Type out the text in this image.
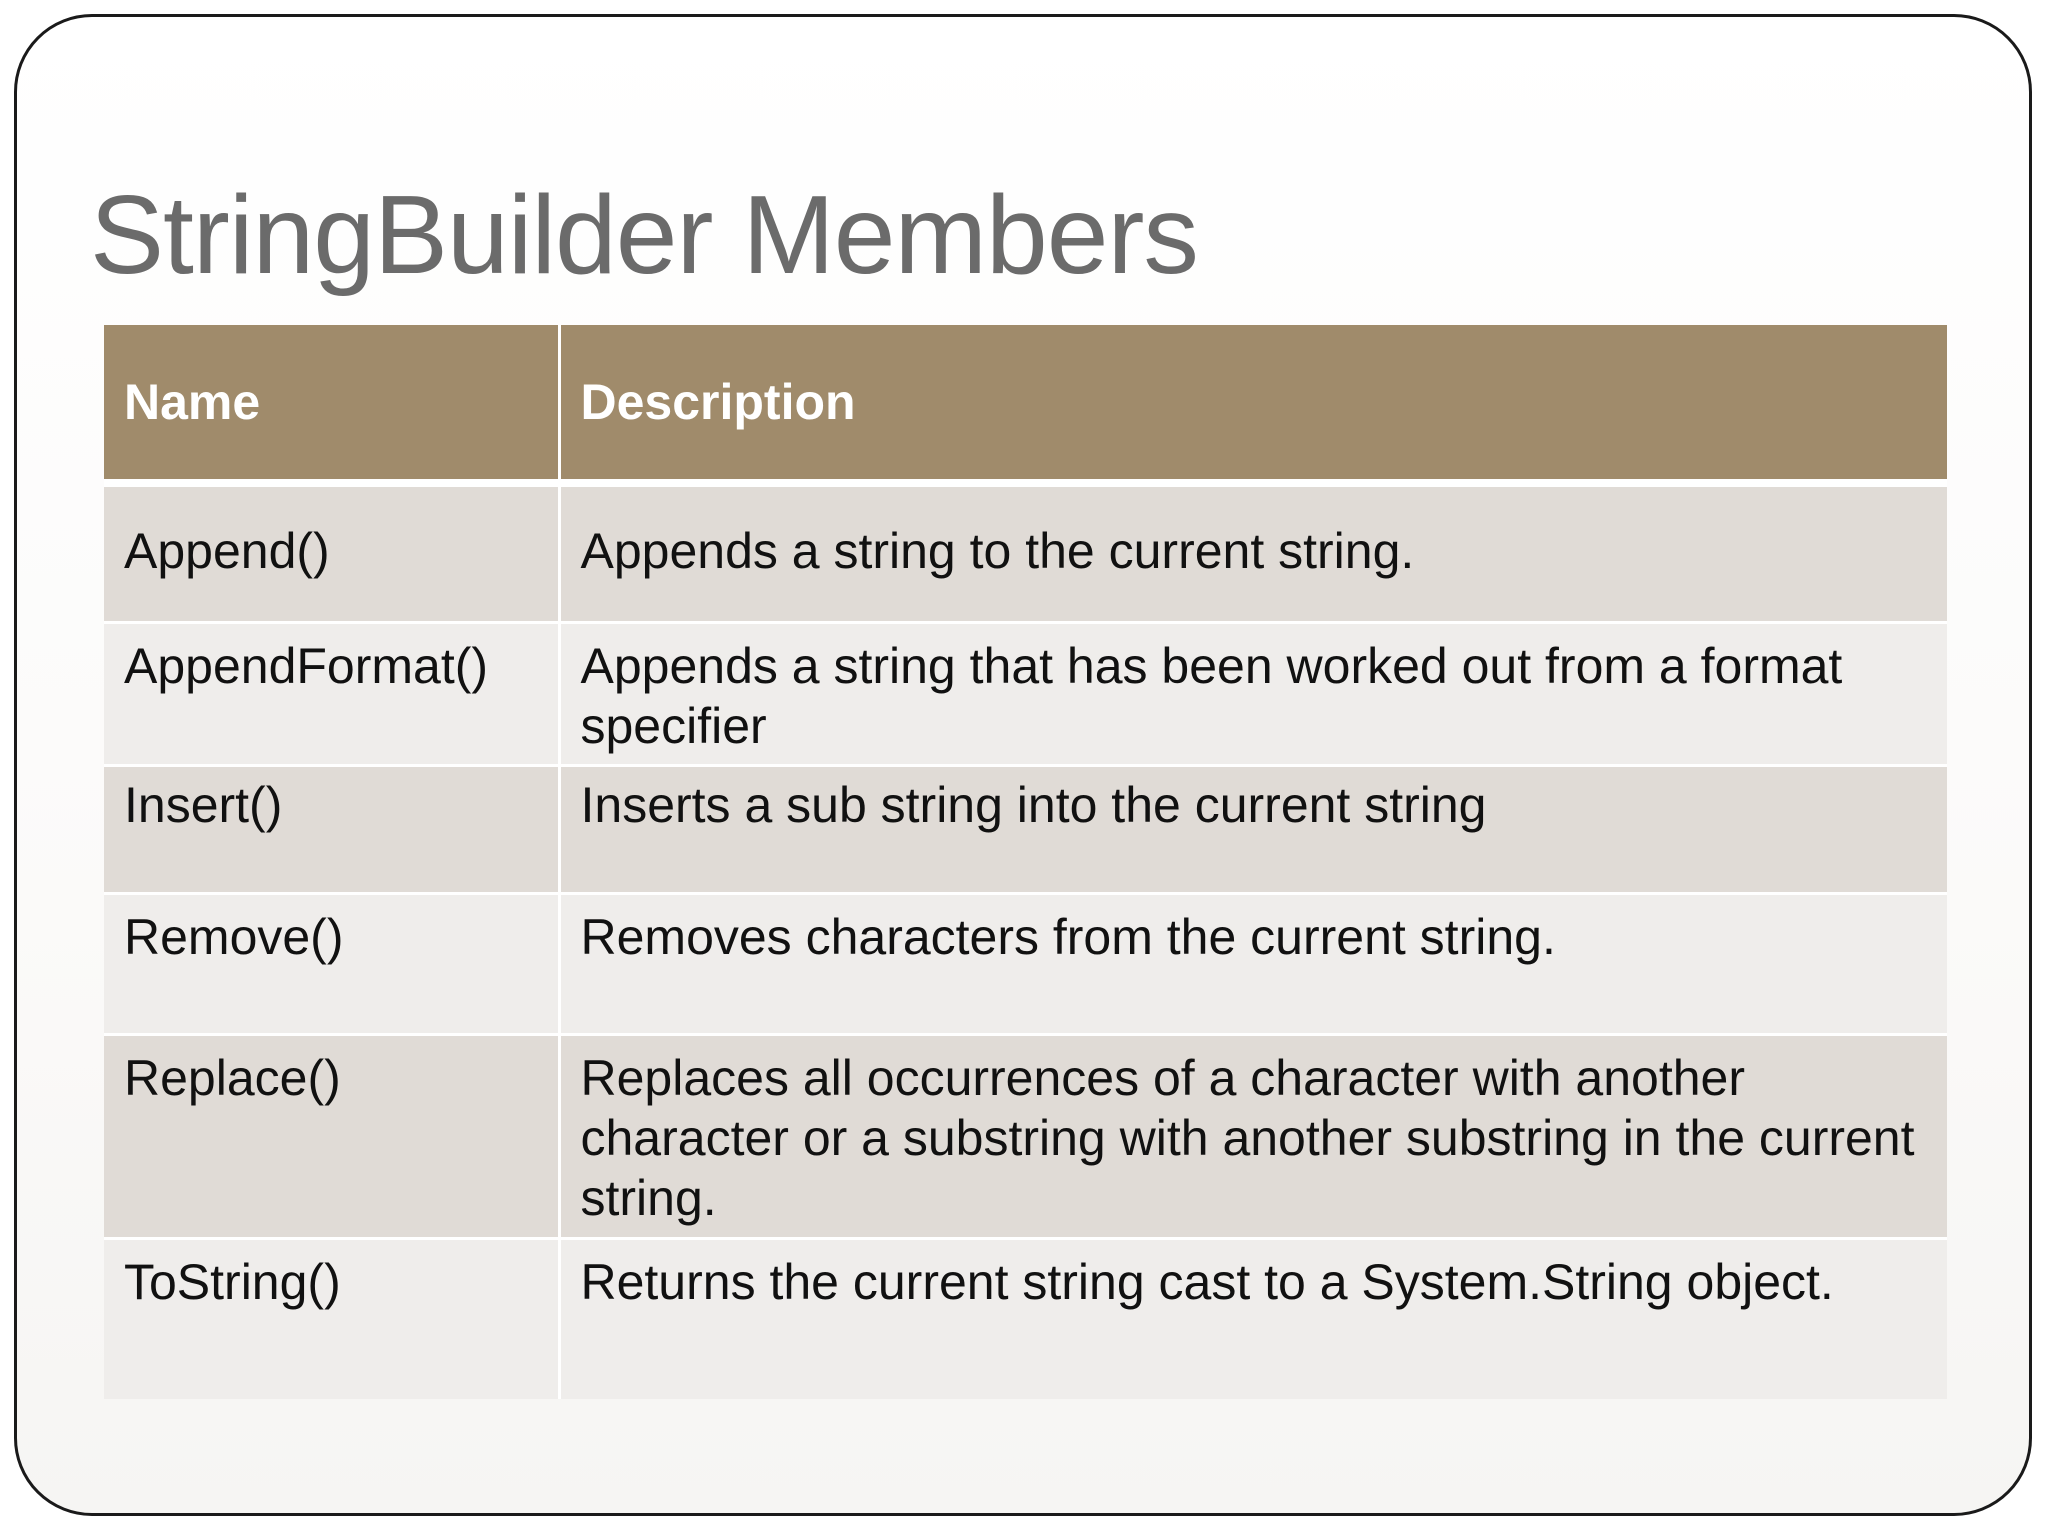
StringBuilder Members
Name	Description
Append()	Appends a string to the current string.
AppendFormat()	Appends a string that has been worked out from a format specifier
Insert()	Inserts a sub string into the current string
Remove()	Removes characters from the current string.
Replace()	Replaces all occurrences of a character with another character or a substring with another substring in the current string.
ToString()	Returns the current string cast to a System.String object.
